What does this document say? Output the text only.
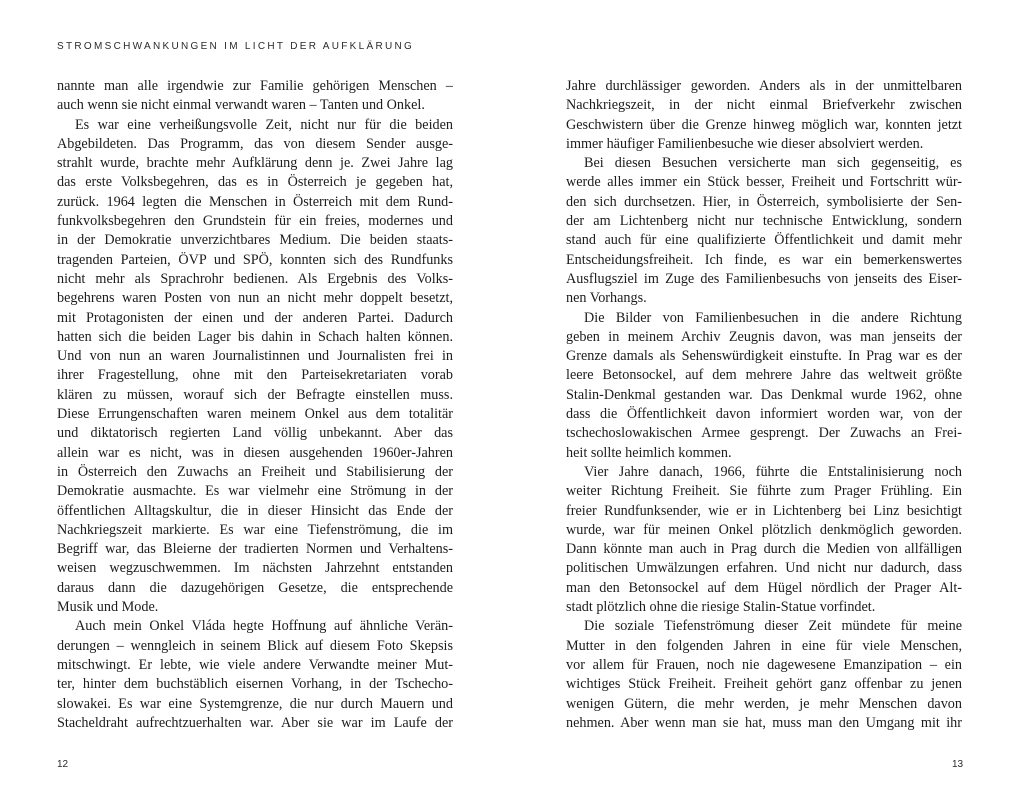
STROMSCHWANKUNGEN IM LICHT DER AUFKLÄRUNG
nannte man alle irgendwie zur Familie gehörigen Menschen –
auch wenn sie nicht einmal verwandt waren – Tanten und Onkel.
Es war eine verheißungsvolle Zeit, nicht nur für die beiden
Abgebildeten. Das Programm, das von diesem Sender ausge-
strahlt wurde, brachte mehr Aufklärung denn je. Zwei Jahre lag
das erste Volksbegehren, das es in Österreich je gegeben hat,
zurück. 1964 legten die Menschen in Österreich mit dem Rund-
funkvolksbegehren den Grundstein für ein freies, modernes und
in der Demokratie unverzichtbares Medium. Die beiden staats-
tragenden Parteien, ÖVP und SPÖ, konnten sich des Rundfunks
nicht mehr als Sprachrohr bedienen. Als Ergebnis des Volks-
begehrens waren Posten von nun an nicht mehr doppelt besetzt,
mit Protagonisten der einen und der anderen Partei. Dadurch
hatten sich die beiden Lager bis dahin in Schach halten können.
Und von nun an waren Journalistinnen und Journalisten frei in
ihrer Fragestellung, ohne mit den Parteisekretariaten vorab
klären zu müssen, worauf sich der Befragte einstellen muss.
Diese Errungenschaften waren meinem Onkel aus dem totalitär
und diktatorisch regierten Land völlig unbekannt. Aber das
allein war es nicht, was in diesen ausgehenden 1960er-Jahren
in Österreich den Zuwachs an Freiheit und Stabilisierung der
Demokratie ausmachte. Es war vielmehr eine Strömung in der
öffentlichen Alltagskultur, die in dieser Hinsicht das Ende der
Nachkriegszeit markierte. Es war eine Tiefenströmung, die im
Begriff war, das Bleierne der tradierten Normen und Verhaltens-
weisen wegzuschwemmen. Im nächsten Jahrzehnt entstanden
daraus dann die dazugehörigen Gesetze, die entsprechende
Musik und Mode.
Auch mein Onkel Vláda hegte Hoffnung auf ähnliche Verän-
derungen – wenngleich in seinem Blick auf diesem Foto Skepsis
mitschwingt. Er lebte, wie viele andere Verwandte meiner Mut-
ter, hinter dem buchstäblich eisernen Vorhang, in der Tschecho-
slowakei. Es war eine Systemgrenze, die nur durch Mauern und
Stacheldraht aufrechtzuerhalten war. Aber sie war im Laufe der
Jahre durchlässiger geworden. Anders als in der unmittelbaren
Nachkriegszeit, in der nicht einmal Briefverkehr zwischen
Geschwistern über die Grenze hinweg möglich war, konnten jetzt
immer häufiger Familienbesuche wie dieser absolviert werden.
Bei diesen Besuchen versicherte man sich gegenseitig, es
werde alles immer ein Stück besser, Freiheit und Fortschritt wür-
den sich durchsetzen. Hier, in Österreich, symbolisierte der Sen-
der am Lichtenberg nicht nur technische Entwicklung, sondern
stand auch für eine qualifizierte Öffentlichkeit und damit mehr
Entscheidungsfreiheit. Ich finde, es war ein bemerkenswertes
Ausflugsziel im Zuge des Familienbesuchs von jenseits des Eiser-
nen Vorhangs.
Die Bilder von Familienbesuchen in die andere Richtung
geben in meinem Archiv Zeugnis davon, was man jenseits der
Grenze damals als Sehenswürdigkeit einstufte. In Prag war es der
leere Betonsockel, auf dem mehrere Jahre das weltweit größte
Stalin-Denkmal gestanden war. Das Denkmal wurde 1962, ohne
dass die Öffentlichkeit davon informiert worden war, von der
tschechoslowakischen Armee gesprengt. Der Zuwachs an Frei-
heit sollte heimlich kommen.
Vier Jahre danach, 1966, führte die Entstalinisierung noch
weiter Richtung Freiheit. Sie führte zum Prager Frühling. Ein
freier Rundfunksender, wie er in Lichtenberg bei Linz besichtigt
wurde, war für meinen Onkel plötzlich denkmöglich geworden.
Dann könnte man auch in Prag durch die Medien von allfälligen
politischen Umwälzungen erfahren. Und nicht nur dadurch, dass
man den Betonsockel auf dem Hügel nördlich der Prager Alt-
stadt plötzlich ohne die riesige Stalin-Statue vorfindet.
Die soziale Tiefenströmung dieser Zeit mündete für meine
Mutter in den folgenden Jahren in eine für viele Menschen,
vor allem für Frauen, noch nie dagewesene Emanzipation – ein
wichtiges Stück Freiheit. Freiheit gehört ganz offenbar zu jenen
wenigen Gütern, die mehr werden, je mehr Menschen davon
nehmen. Aber wenn man sie hat, muss man den Umgang mit ihr
12	13
